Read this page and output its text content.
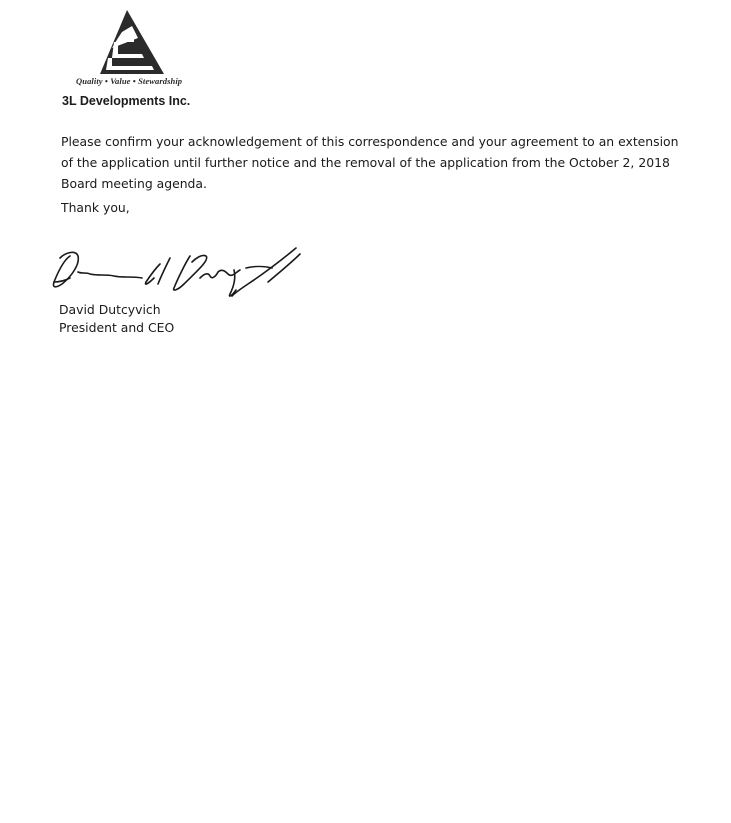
Quality • Value • Stewardship
3L Developments Inc.
Please confirm your acknowledgement of this correspondence and your agreement to an extension of the application until further notice and the removal of the application from the October 2, 2018 Board meeting agenda.
Thank you,
David Dutcyvich
President and CEO
